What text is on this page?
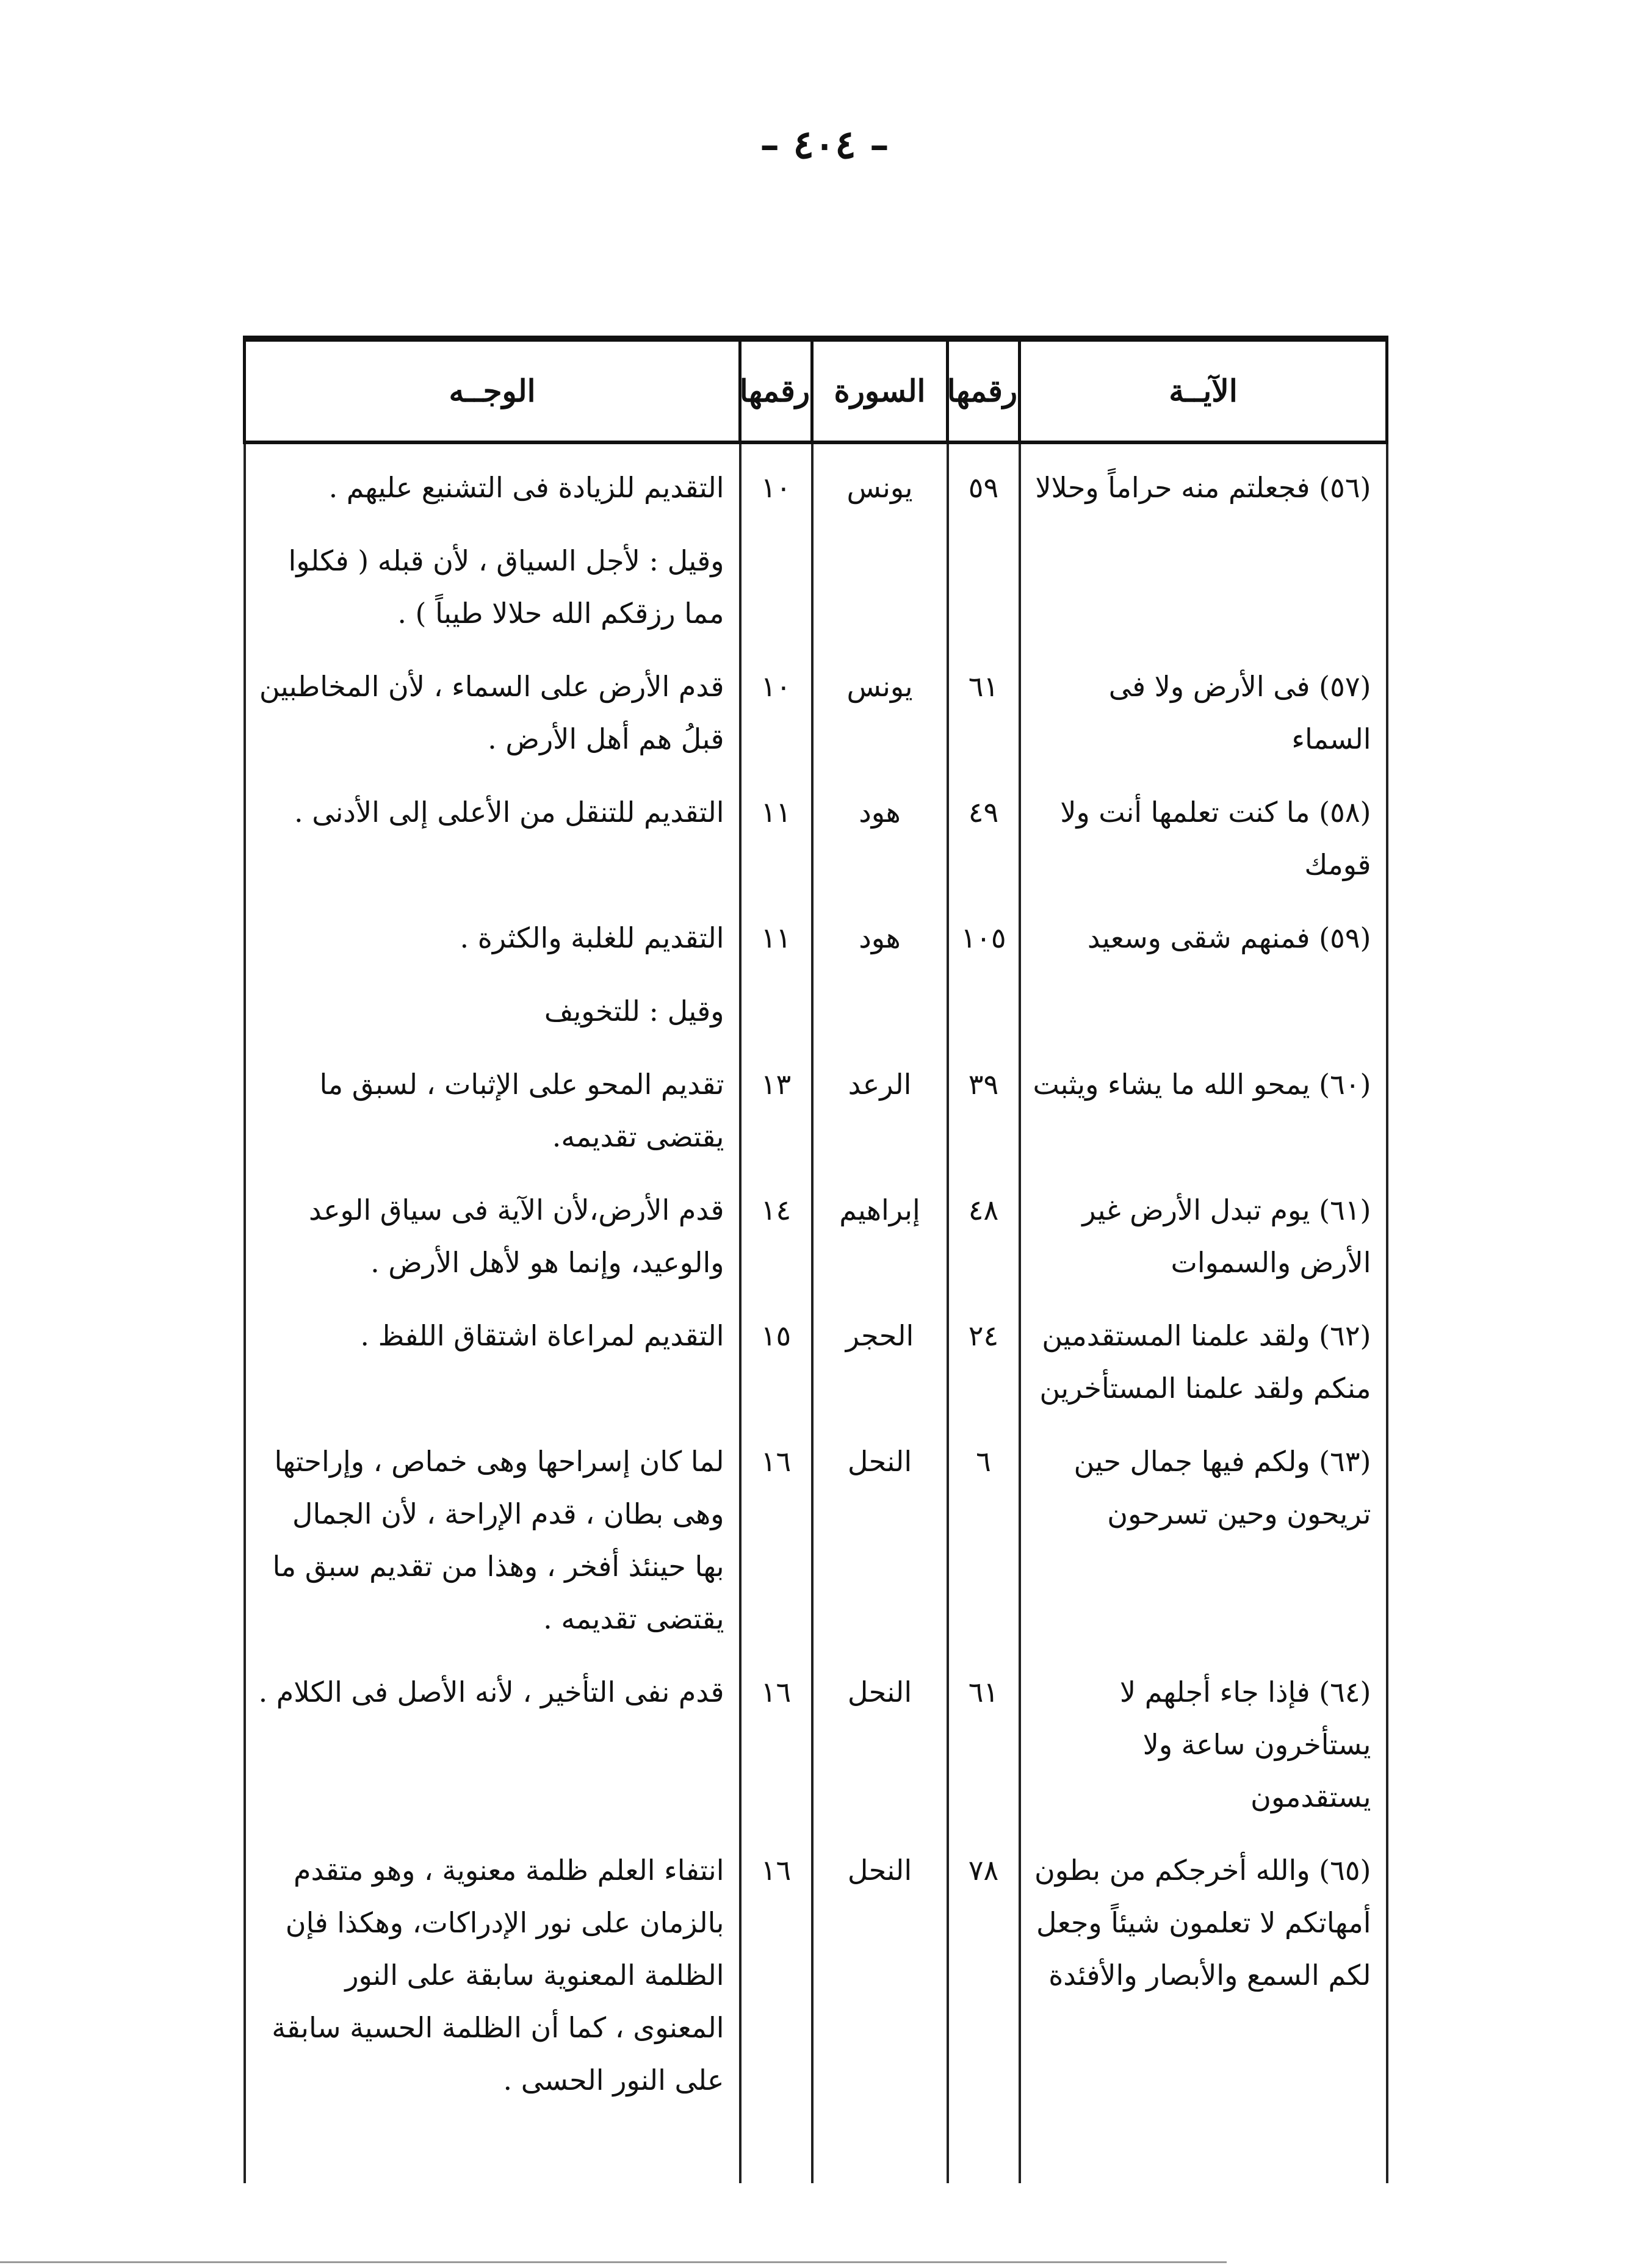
– ٤٠٤ –
الآيــة	رقمها	السورة	رقمها	الوجــه
(٥٦) فجعلتم منه حراماً وحلالا	٥٩	يونس	١٠	التقديم للزيادة فى التشنيع عليهم .
				وقيل : لأجل السياق ، لأن قبله ( فكلوا مما رزقكم الله حلالا طيباً ) .
(٥٧) فى الأرض ولا فى السماء	٦١	يونس	١٠	قدم الأرض على السماء ، لأن المخاطبين قبلُ هم أهل الأرض .
(٥٨) ما كنت تعلمها أنت ولا قومك	٤٩	هود	١١	التقديم للتنقل من الأعلى إلى الأدنى .
(٥٩) فمنهم شقى وسعيد	١٠٥	هود	١١	التقديم للغلبة والكثرة .
				وقيل : للتخويف
(٦٠) يمحو الله ما يشاء ويثبت	٣٩	الرعد	١٣	تقديم المحو على الإثبات ، لسبق ما يقتضى تقديمه.
(٦١) يوم تبدل الأرض غير الأرض والسموات	٤٨	إبراهيم	١٤	قدم الأرض،لأن الآية فى سياق الوعد والوعيد، وإنما هو لأهل الأرض .
(٦٢) ولقد علمنا المستقدمين منكم ولقد علمنا المستأخرين	٢٤	الحجر	١٥	التقديم لمراعاة اشتقاق اللفظ .
(٦٣) ولكم فيها جمال حين تريحون وحين تسرحون	٦	النحل	١٦	لما كان إسراحها وهى خماص ، وإراحتها وهى بطان ، قدم الإراحة ، لأن الجمال بها حينئذ أفخر ، وهذا من تقديم سبق ما يقتضى تقديمه .
(٦٤) فإذا جاء أجلهم لا يستأخرون ساعة ولا يستقدمون	٦١	النحل	١٦	قدم نفى التأخير ، لأنه الأصل فى الكلام .
(٦٥) والله أخرجكم من بطون أمهاتكم لا تعلمون شيئاً وجعل لكم السمع والأبصار والأفئدة	٧٨	النحل	١٦	انتفاء العلم ظلمة معنوية ، وهو متقدم بالزمان على نور الإدراكات، وهكذا فإن الظلمة المعنوية سابقة على النور المعنوى ، كما أن الظلمة الحسية سابقة على النور الحسى .
